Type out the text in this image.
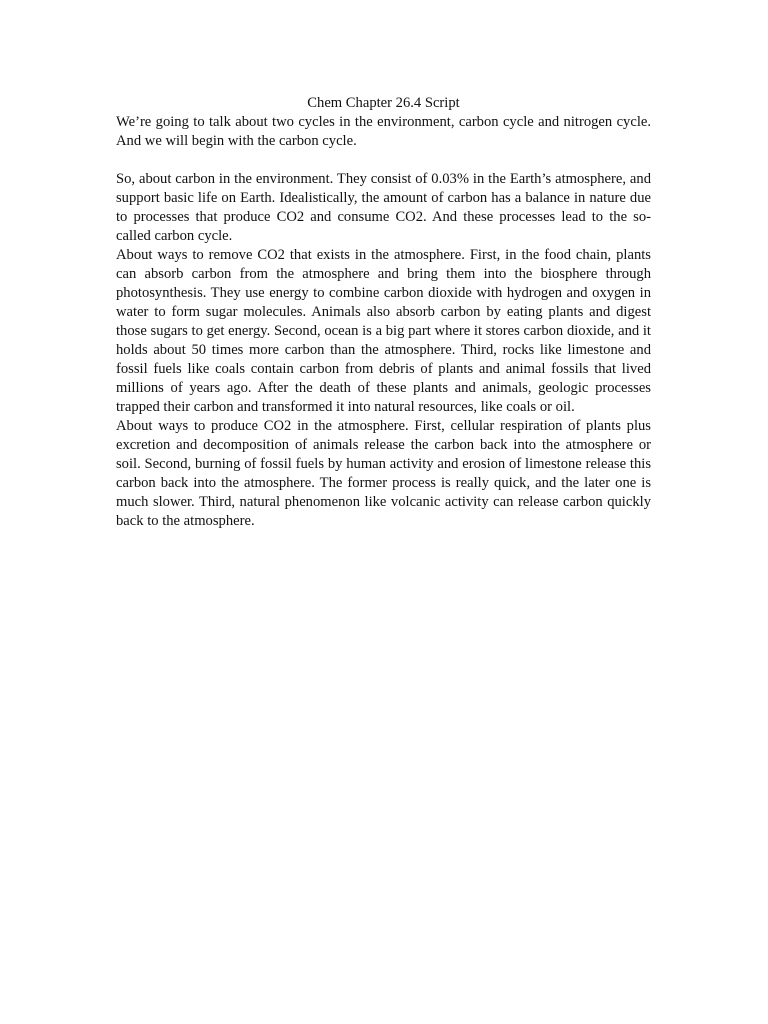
Chem Chapter 26.4 Script

We’re going to talk about two cycles in the environment, carbon cycle and nitrogen cycle. And we will begin with the carbon cycle.

So, about carbon in the environment. They consist of 0.03% in the Earth’s atmosphere, and support basic life on Earth. Idealistically, the amount of carbon has a balance in nature due to processes that produce CO2 and consume CO2. And these processes lead to the so-called carbon cycle.

About ways to remove CO2 that exists in the atmosphere. First, in the food chain, plants can absorb carbon from the atmosphere and bring them into the biosphere through photosynthesis. They use energy to combine carbon dioxide with hydrogen and oxygen in water to form sugar molecules. Animals also absorb carbon by eating plants and digest those sugars to get energy. Second, ocean is a big part where it stores carbon dioxide, and it holds about 50 times more carbon than the atmosphere. Third, rocks like limestone and fossil fuels like coals contain carbon from debris of plants and animal fossils that lived millions of years ago. After the death of these plants and animals, geologic processes trapped their carbon and transformed it into natural resources, like coals or oil.

About ways to produce CO2 in the atmosphere. First, cellular respiration of plants plus excretion and decomposition of animals release the carbon back into the atmosphere or soil. Second, burning of fossil fuels by human activity and erosion of limestone release this carbon back into the atmosphere. The former process is really quick, and the later one is much slower. Third, natural phenomenon like volcanic activity can release carbon quickly back to the atmosphere.
